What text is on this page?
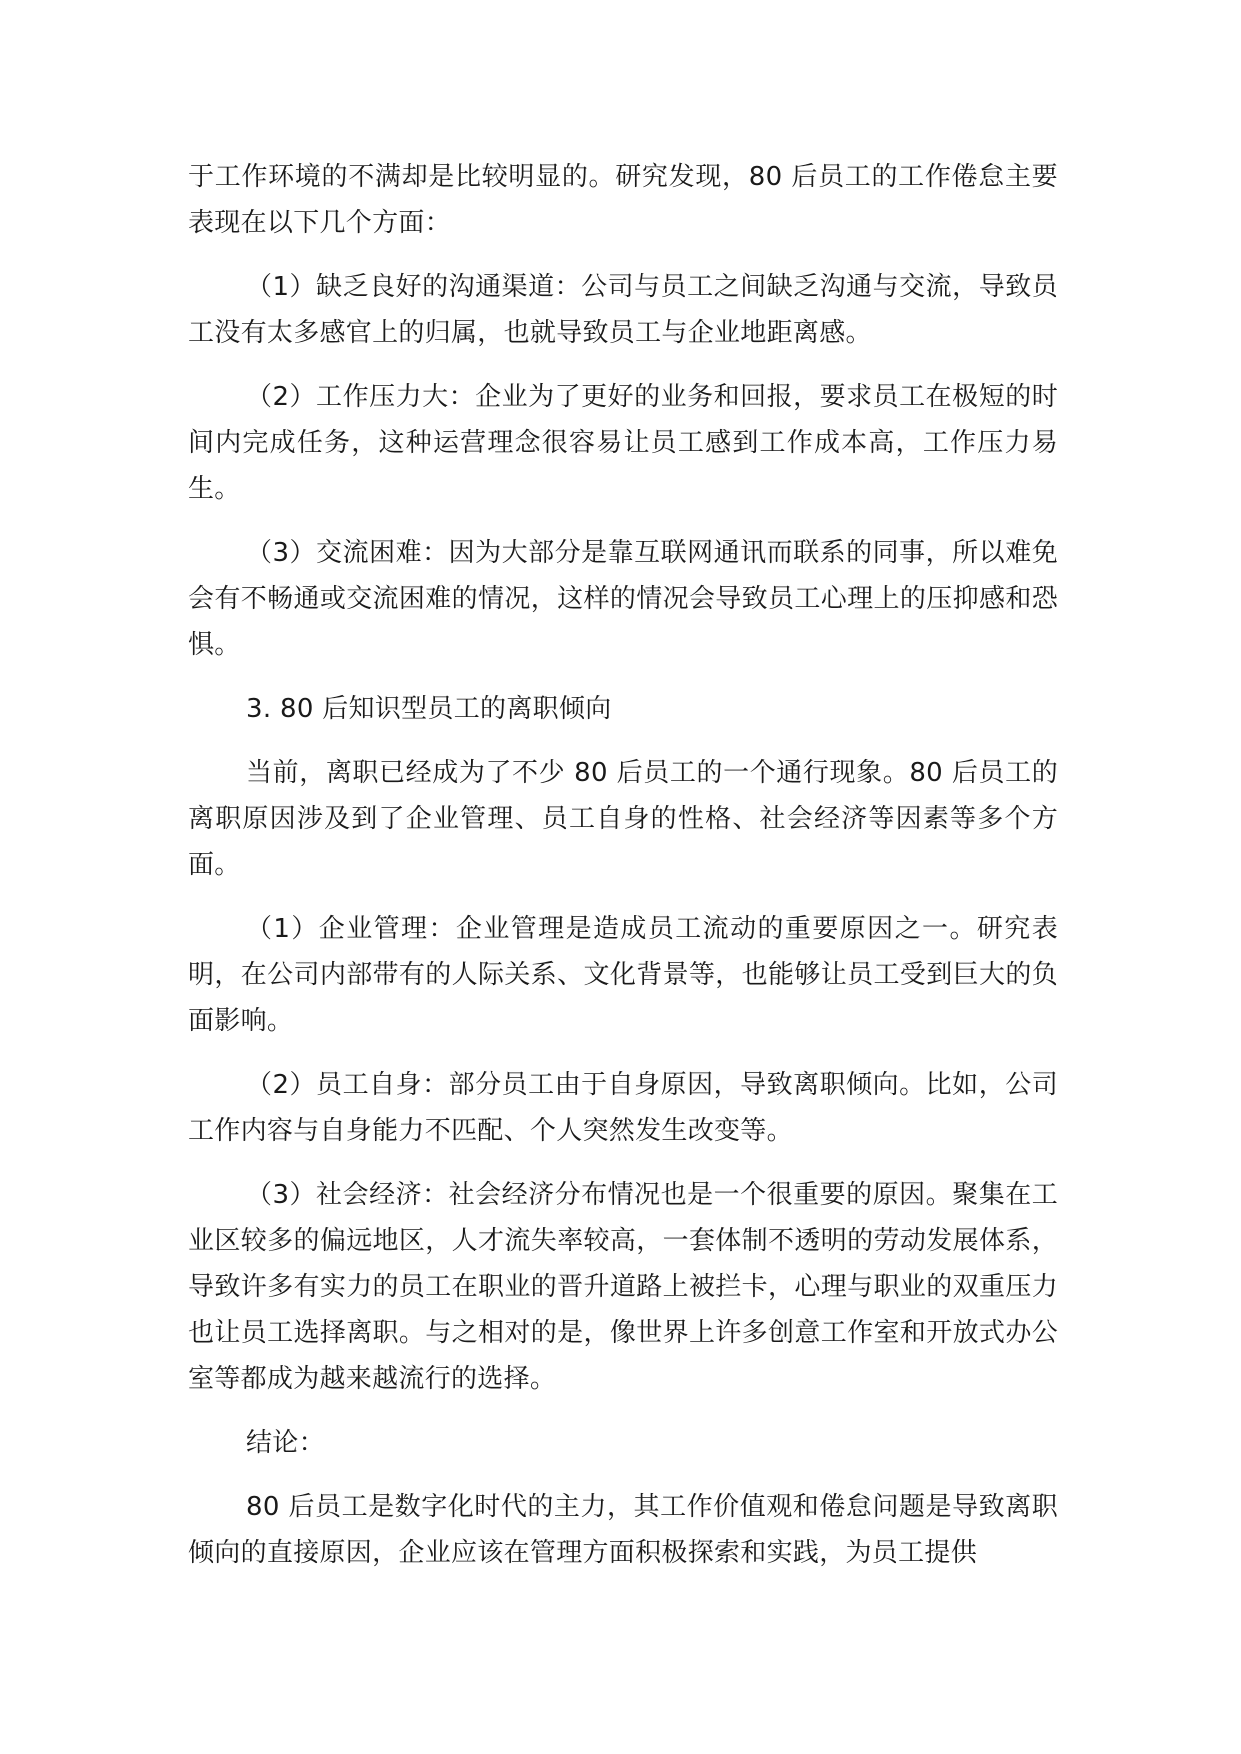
于工作环境的不满却是比较明显的。研究发现，80 后员工的工作倦怠主要表现在以下几个方面：

（1）缺乏良好的沟通渠道：公司与员工之间缺乏沟通与交流，导致员工没有太多感官上的归属，也就导致员工与企业地距离感。

（2）工作压力大：企业为了更好的业务和回报，要求员工在极短的时间内完成任务，这种运营理念很容易让员工感到工作成本高，工作压力易生。

（3）交流困难：因为大部分是靠互联网通讯而联系的同事，所以难免会有不畅通或交流困难的情况，这样的情况会导致员工心理上的压抑感和恐惧。

3. 80 后知识型员工的离职倾向

当前，离职已经成为了不少 80 后员工的一个通行现象。80 后员工的离职原因涉及到了企业管理、员工自身的性格、社会经济等因素等多个方面。

（1）企业管理：企业管理是造成员工流动的重要原因之一。研究表明，在公司内部带有的人际关系、文化背景等，也能够让员工受到巨大的负面影响。

（2）员工自身：部分员工由于自身原因，导致离职倾向。比如，公司工作内容与自身能力不匹配、个人突然发生改变等。

（3）社会经济：社会经济分布情况也是一个很重要的原因。聚集在工业区较多的偏远地区，人才流失率较高，一套体制不透明的劳动发展体系，导致许多有实力的员工在职业的晋升道路上被拦卡，心理与职业的双重压力也让员工选择离职。与之相对的是，像世界上许多创意工作室和开放式办公室等都成为越来越流行的选择。

结论：

80 后员工是数字化时代的主力，其工作价值观和倦怠问题是导致离职倾向的直接原因，企业应该在管理方面积极探索和实践，为员工提供
